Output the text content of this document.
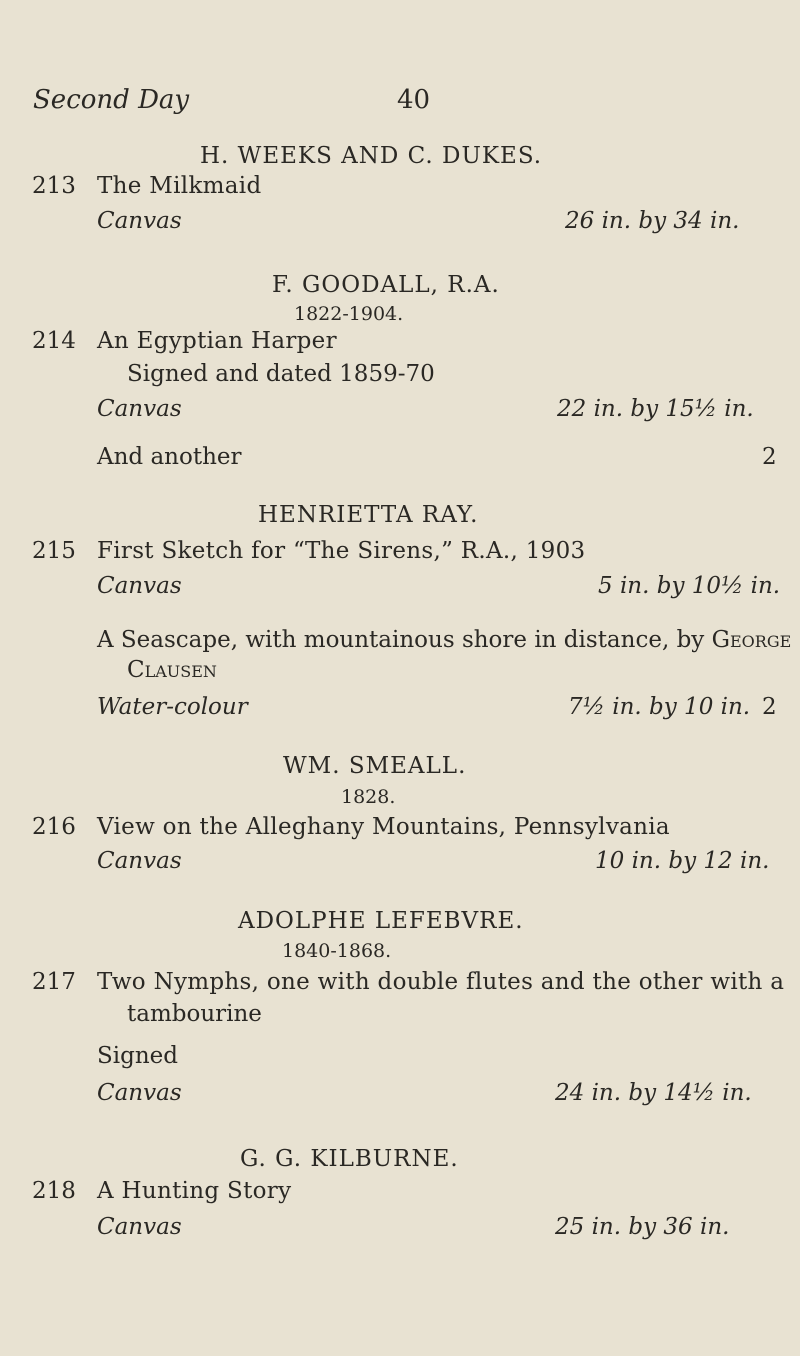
Second Day	40
H. WEEKS AND C. DUKES.
213 The Milkmaid
Canvas	26 in. by 34 in.
F. GOODALL, R.A.
1822-1904.
214 An Egyptian Harper
Signed and dated 1859-70
Canvas	22 in. by 15½ in.
And another	2
HENRIETTA RAY.
215 First Sketch for “The Sirens,” R.A., 1903
Canvas	5 in. by 10½ in.
A Seascape, with mountainous shore in distance, by George
Clausen
Water-colour	7½ in. by 10 in. 2
WM. SMEALL.
1828.
216 View on the Alleghany Mountains, Pennsylvania
Canvas	10 in. by 12 in.
ADOLPHE LEFEBVRE.
1840-1868.
217 Two Nymphs, one with double flutes and the other with a
tambourine
Signed
Canvas	24 in. by 14½ in.
G. G. KILBURNE.
218 A Hunting Story
Canvas	25 in. by 36 in.
